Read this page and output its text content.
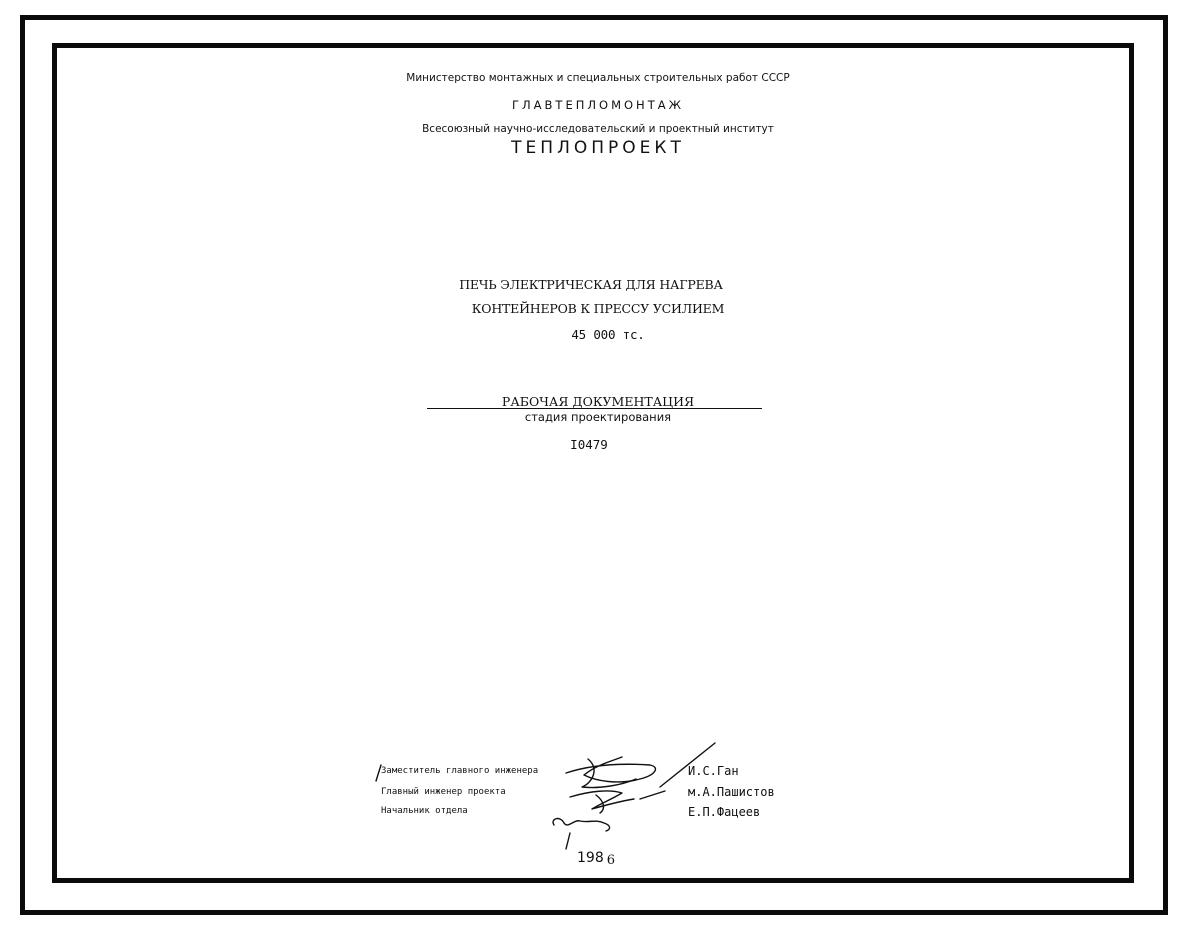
Министерство монтажных и специальных строительных работ СССР
ГЛАВТЕПЛОМОНТАЖ
Всесоюзный научно-исследовательский и проектный институт
ТЕПЛОПРОЕКТ
ПЕЧЬ ЭЛЕКТРИЧЕСКАЯ ДЛЯ НАГРЕВА
КОНТЕЙНЕРОВ К ПРЕССУ УСИЛИЕМ
45 000 тс.
РАБОЧАЯ ДОКУМЕНТАЦИЯ
стадия проектирования
I0479
Заместитель главного инженера
Главный инженер проекта
Начальник отдела
И.С.Ган
м.А.Пашистов
Е.П.Фацеев
198 6
